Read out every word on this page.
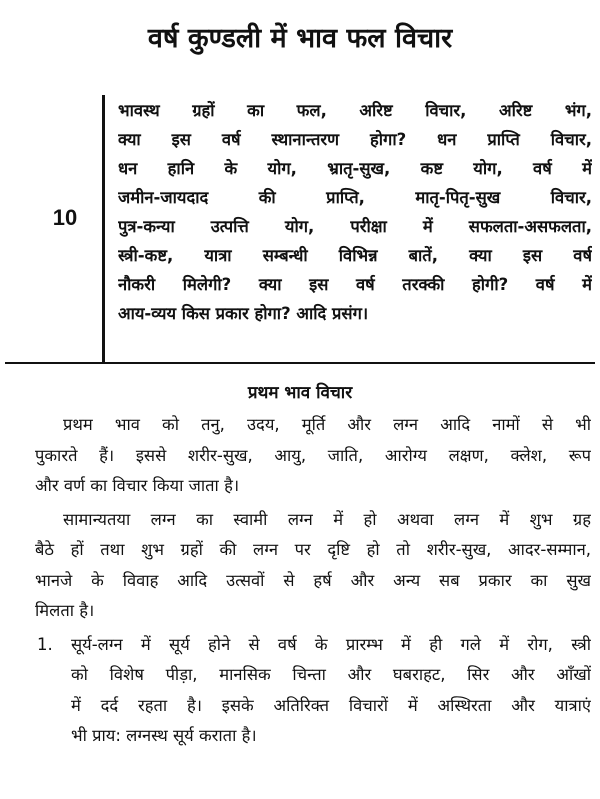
वर्ष कुण्डली में भाव फल विचार
10
भावस्थ ग्रहों का फल, अरिष्ट विचार, अरिष्ट भंग,
क्या इस वर्ष स्थानान्तरण होगा? धन प्राप्ति विचार,
धन हानि के योग, भ्रातृ-सुख, कष्ट योग, वर्ष में
जमीन-जायदाद की प्राप्ति, मातृ-पितृ-सुख विचार,
पुत्र-कन्या उत्पत्ति योग, परीक्षा में सफलता-असफलता,
स्त्री-कष्ट, यात्रा सम्बन्धी विभिन्न बातें, क्या इस वर्ष
नौकरी मिलेगी? क्या इस वर्ष तरक्की होगी? वर्ष में
आय-व्यय किस प्रकार होगा? आदि प्रसंग।
प्रथम भाव विचार
प्रथम भाव को तनु, उदय, मूर्ति और लग्न आदि नामों से भी
पुकारते हैं। इससे शरीर-सुख, आयु, जाति, आरोग्य लक्षण, क्लेश, रूप
और वर्ण का विचार किया जाता है।
सामान्यतया लग्न का स्वामी लग्न में हो अथवा लग्न में शुभ ग्रह
बैठे हों तथा शुभ ग्रहों की लग्न पर दृष्टि हो तो शरीर-सुख, आदर-सम्मान,
भानजे के विवाह आदि उत्सवों से हर्ष और अन्य सब प्रकार का सुख
मिलता है।
1. सूर्य-लग्न में सूर्य होने से वर्ष के प्रारम्भ में ही गले में रोग, स्त्री
को विशेष पीड़ा, मानसिक चिन्ता और घबराहट, सिर और आँखों
में दर्द रहता है। इसके अतिरिक्त विचारों में अस्थिरता और यात्राएं
भी प्राय: लग्नस्थ सूर्य कराता है।
